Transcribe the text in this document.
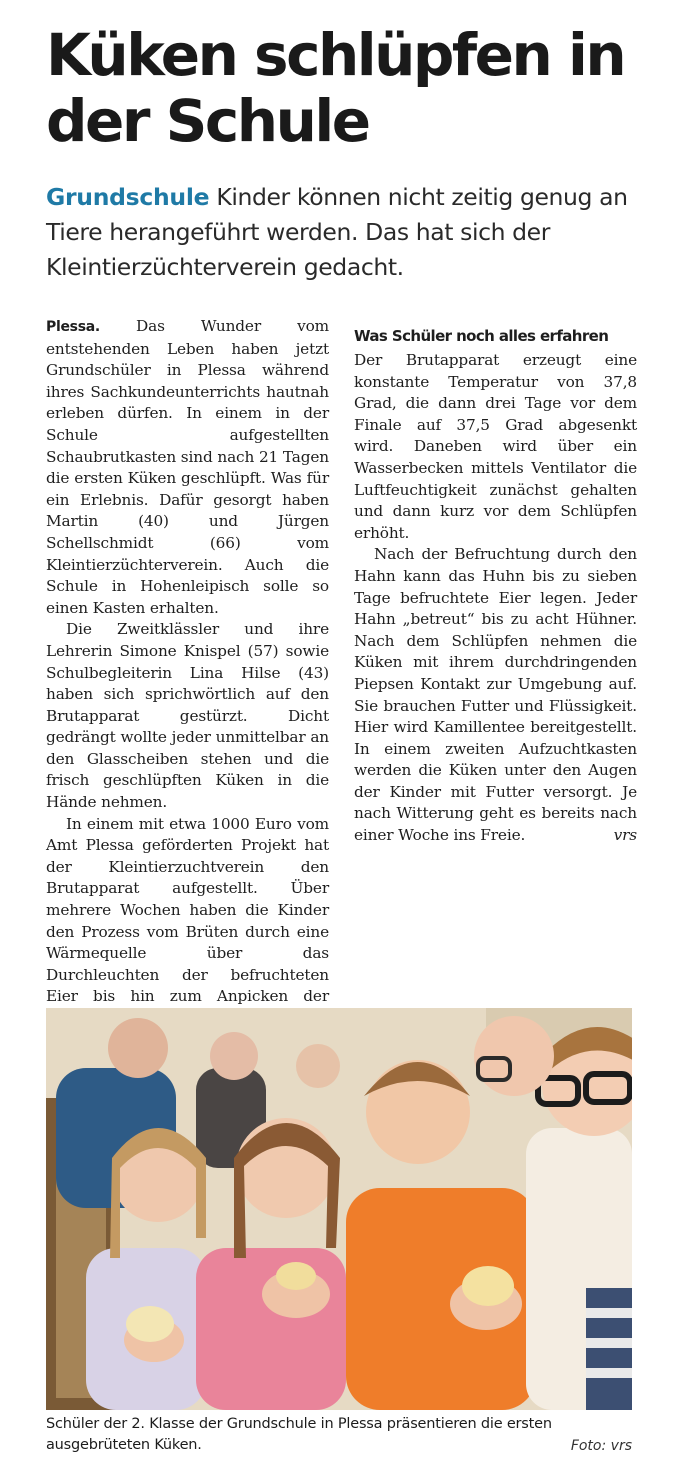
Küken schlüpfen in der Schule

Grundschule Kinder können nicht zeitig genug an Tiere herangeführt werden. Das hat sich der Kleintierzüchterverein gedacht.

Plessa. Das Wunder vom entstehenden Leben haben jetzt Grundschüler in Plessa während ihres Sachkundeunterrichts hautnah erleben dürfen. In einem in der Schule aufgestellten Schaubrutkasten sind nach 21 Tagen die ersten Küken geschlüpft. Was für ein Erlebnis. Dafür gesorgt haben Martin (40) und Jürgen Schellschmidt (66) vom Kleintierzüchterverein. Auch die Schule in Hohenleipisch solle so einen Kasten erhalten.

Die Zweitklässler und ihre Lehrerin Simone Knispel (57) sowie Schulbegleiterin Lina Hilse (43) haben sich sprichwörtlich auf den Brutapparat gestürzt. Dicht gedrängt wollte jeder unmittelbar an den Glasscheiben stehen und die frisch geschlüpften Küken in die Hände nehmen.

In einem mit etwa 1000 Euro vom Amt Plessa geförderten Projekt hat der Kleintierzuchtverein den Brutapparat aufgestellt. Über mehrere Wochen haben die Kinder den Prozess vom Brüten durch eine Wärmequelle über das Durchleuchten der befruchteten Eier bis hin zum Anpicken der

Was Schüler noch alles erfahren

Der Brutapparat erzeugt eine konstante Temperatur von 37,8 Grad, die dann drei Tage vor dem Finale auf 37,5 Grad abgesenkt wird. Daneben wird über ein Wasserbecken mittels Ventilator die Luftfeuchtigkeit zunächst gehalten und dann kurz vor dem Schlüpfen erhöht.

Nach der Befruchtung durch den Hahn kann das Huhn bis zu sieben Tage befruchtete Eier legen. Jeder Hahn „betreut“ bis zu acht Hühner. Nach dem Schlüpfen nehmen die Küken mit ihrem durchdringenden Piepsen Kontakt zur Umgebung auf. Sie brauchen Futter und Flüssigkeit. Hier wird Kamillentee bereitgestellt. In einem zweiten Aufzuchtkasten werden die Küken unter den Augen der Kinder mit Futter versorgt. Je nach Witterung geht es bereits nach einer Woche ins Freie.	vrs

Schüler der 2. Klasse der Grundschule in Plessa präsentieren die ersten ausgebrüteten Küken.	Foto: vrs
